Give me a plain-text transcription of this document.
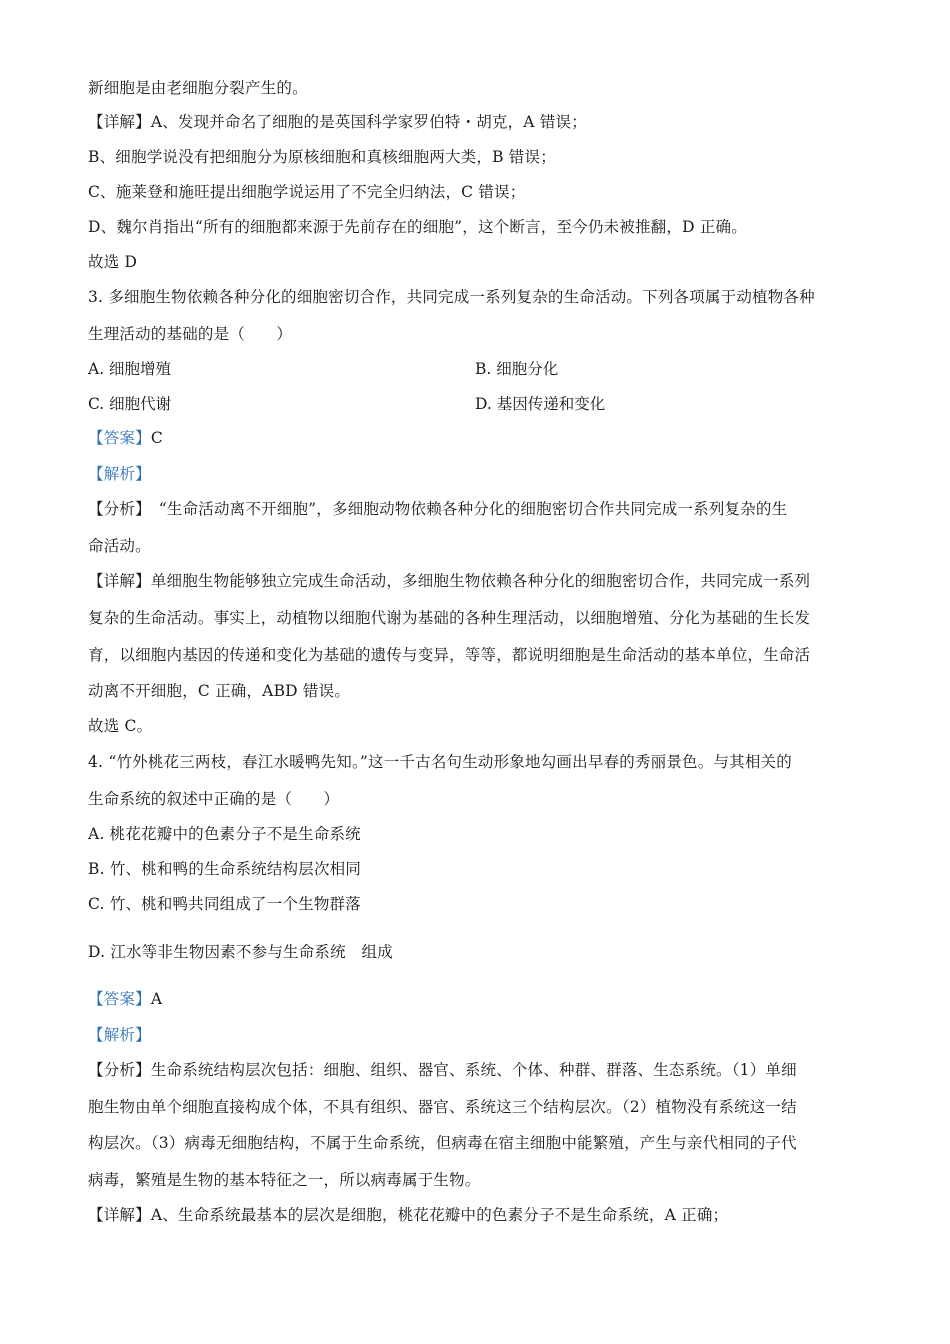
新细胞是由老细胞分裂产生的。
【详解】A、发现并命名了细胞的是英国科学家罗伯特・胡克，A 错误；
B、细胞学说没有把细胞分为原核细胞和真核细胞两大类，B 错误；
C、施莱登和施旺提出细胞学说运用了不完全归纳法，C 错误；
D、魏尔肖指出“所有的细胞都来源于先前存在的细胞”，这个断言，至今仍未被推翻，D 正确。
故选 D
3. 多细胞生物依赖各种分化的细胞密切合作，共同完成一系列复杂的生命活动。下列各项属于动植物各种
生理活动的基础的是（　　）
A. 细胞增殖	B. 细胞分化
C. 细胞代谢	D. 基因传递和变化
【答案】C
【解析】
【分析】　“生命活动离不开细胞”，多细胞动物依赖各种分化的细胞密切合作共同完成一系列复杂的生
命活动。
【详解】单细胞生物能够独立完成生命活动，多细胞生物依赖各种分化的细胞密切合作，共同完成一系列
复杂的生命活动。事实上，动植物以细胞代谢为基础的各种生理活动，以细胞增殖、分化为基础的生长发
育，以细胞内基因的传递和变化为基础的遗传与变异，等等，都说明细胞是生命活动的基本单位，生命活
动离不开细胞，C 正确，ABD 错误。
故选 C。
4. “竹外桃花三两枝，春江水暖鸭先知。”这一千古名句生动形象地勾画出早春的秀丽景色。与其相关的
生命系统的叙述中正确的是（　　）
A. 桃花花瓣中的色素分子不是生命系统
B. 竹、桃和鸭的生命系统结构层次相同
C. 竹、桃和鸭共同组成了一个生物群落
D. 江水等非生物因素不参与生命系统　组成
【答案】A
【解析】
【分析】生命系统结构层次包括：细胞、组织、器官、系统、个体、种群、群落、生态系统。（1）单细
胞生物由单个细胞直接构成个体，不具有组织、器官、系统这三个结构层次。（2）植物没有系统这一结
构层次。（3）病毒无细胞结构，不属于生命系统，但病毒在宿主细胞中能繁殖，产生与亲代相同的子代
病毒，繁殖是生物的基本特征之一，所以病毒属于生物。
【详解】A、生命系统最基本的层次是细胞，桃花花瓣中的色素分子不是生命系统，A 正确；
